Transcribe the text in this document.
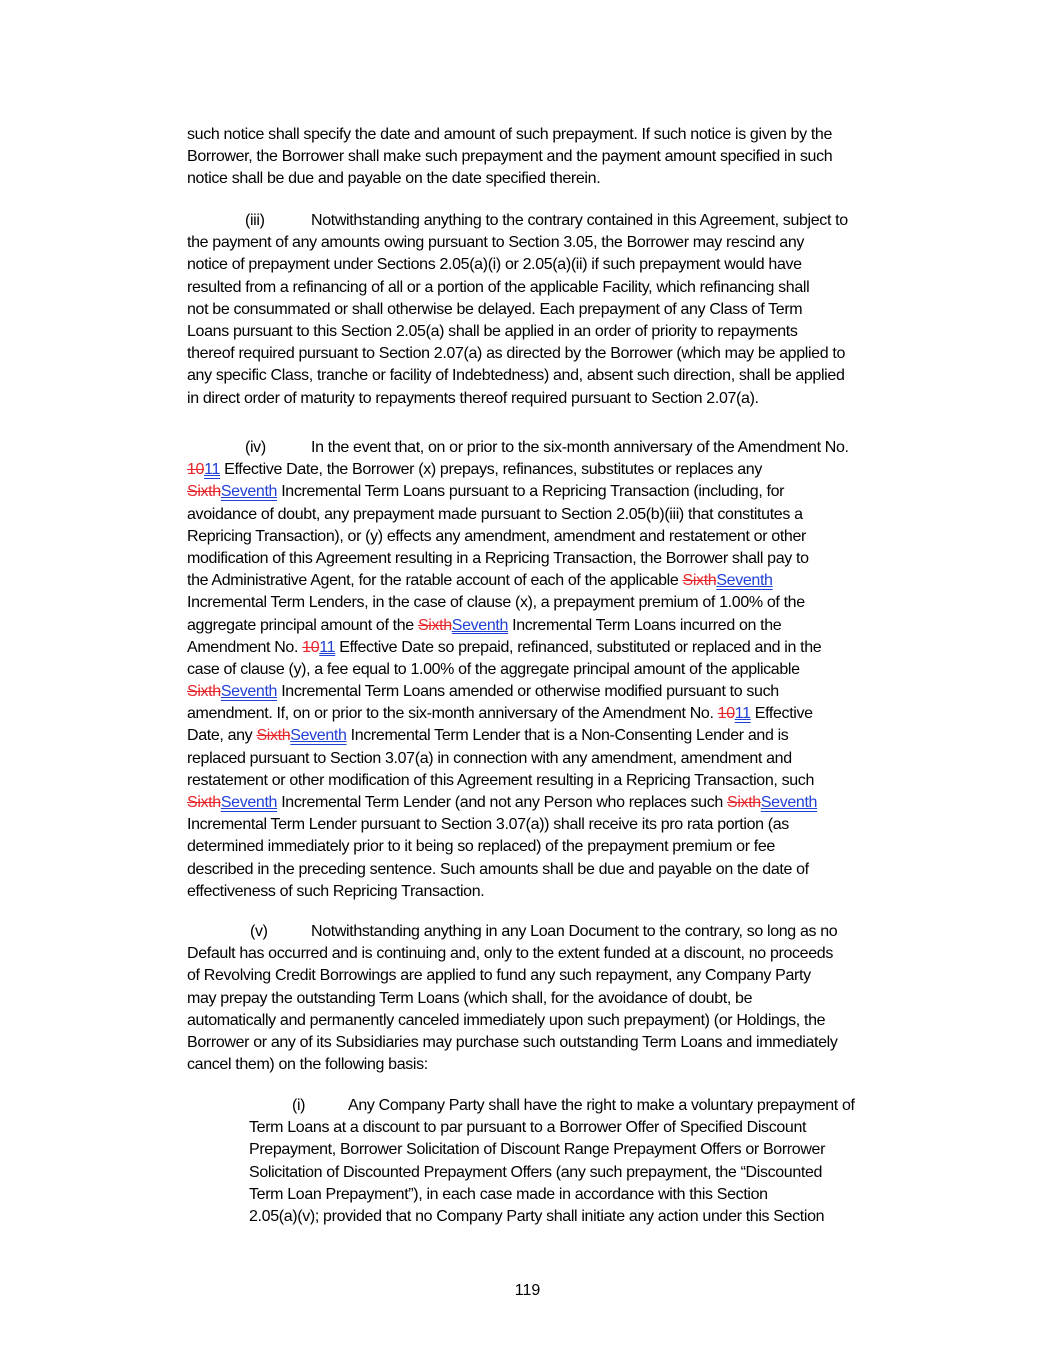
such notice shall specify the date and amount of such prepayment. If such notice is given by the
Borrower, the Borrower shall make such prepayment and the payment amount specified in such
notice shall be due and payable on the date specified therein.
(iii)	Notwithstanding anything to the contrary contained in this Agreement, subject to
the payment of any amounts owing pursuant to Section 3.05, the Borrower may rescind any
notice of prepayment under Sections 2.05(a)(i) or 2.05(a)(ii) if such prepayment would have
resulted from a refinancing of all or a portion of the applicable Facility, which refinancing shall
not be consummated or shall otherwise be delayed. Each prepayment of any Class of Term
Loans pursuant to this Section 2.05(a) shall be applied in an order of priority to repayments
thereof required pursuant to Section 2.07(a) as directed by the Borrower (which may be applied to
any specific Class, tranche or facility of Indebtedness) and, absent such direction, shall be applied
in direct order of maturity to repayments thereof required pursuant to Section 2.07(a).
(iv)	In the event that, on or prior to the six-month anniversary of the Amendment No.
1011 Effective Date, the Borrower (x) prepays, refinances, substitutes or replaces any
SixthSeventh Incremental Term Loans pursuant to a Repricing Transaction (including, for
avoidance of doubt, any prepayment made pursuant to Section 2.05(b)(iii) that constitutes a
Repricing Transaction), or (y) effects any amendment, amendment and restatement or other
modification of this Agreement resulting in a Repricing Transaction, the Borrower shall pay to
the Administrative Agent, for the ratable account of each of the applicable SixthSeventh
Incremental Term Lenders, in the case of clause (x), a prepayment premium of 1.00% of the
aggregate principal amount of the SixthSeventh Incremental Term Loans incurred on the
Amendment No. 1011 Effective Date so prepaid, refinanced, substituted or replaced and in the
case of clause (y), a fee equal to 1.00% of the aggregate principal amount of the applicable
SixthSeventh Incremental Term Loans amended or otherwise modified pursuant to such
amendment. If, on or prior to the six-month anniversary of the Amendment No. 1011 Effective
Date, any SixthSeventh Incremental Term Lender that is a Non-Consenting Lender and is
replaced pursuant to Section 3.07(a) in connection with any amendment, amendment and
restatement or other modification of this Agreement resulting in a Repricing Transaction, such
SixthSeventh Incremental Term Lender (and not any Person who replaces such SixthSeventh
Incremental Term Lender pursuant to Section 3.07(a)) shall receive its pro rata portion (as
determined immediately prior to it being so replaced) of the prepayment premium or fee
described in the preceding sentence. Such amounts shall be due and payable on the date of
effectiveness of such Repricing Transaction.
(v)	Notwithstanding anything in any Loan Document to the contrary, so long as no
Default has occurred and is continuing and, only to the extent funded at a discount, no proceeds
of Revolving Credit Borrowings are applied to fund any such repayment, any Company Party
may prepay the outstanding Term Loans (which shall, for the avoidance of doubt, be
automatically and permanently canceled immediately upon such prepayment) (or Holdings, the
Borrower or any of its Subsidiaries may purchase such outstanding Term Loans and immediately
cancel them) on the following basis:
(i)	Any Company Party shall have the right to make a voluntary prepayment of
Term Loans at a discount to par pursuant to a Borrower Offer of Specified Discount
Prepayment, Borrower Solicitation of Discount Range Prepayment Offers or Borrower
Solicitation of Discounted Prepayment Offers (any such prepayment, the “Discounted
Term Loan Prepayment”), in each case made in accordance with this Section
2.05(a)(v); provided that no Company Party shall initiate any action under this Section
119
